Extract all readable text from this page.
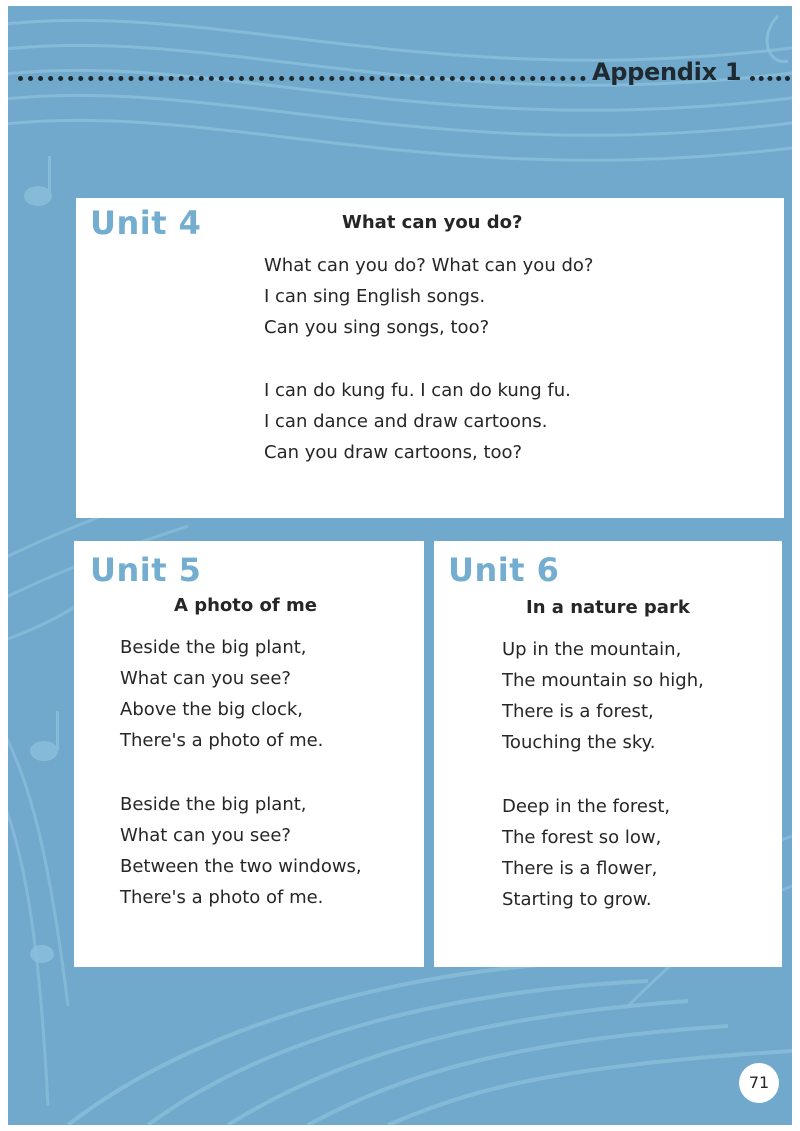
Appendix 1
Unit 4	What can you do?
What can you do? What can you do?
I can sing English songs.
Can you sing songs, too?
I can do kung fu. I can do kung fu.
I can dance and draw cartoons.
Can you draw cartoons, too?
Unit 5
A photo of me
Beside the big plant,
What can you see?
Above the big clock,
There's a photo of me.
Beside the big plant,
What can you see?
Between the two windows,
There's a photo of me.
Unit 6
In a nature park
Up in the mountain,
The mountain so high,
There is a forest,
Touching the sky.
Deep in the forest,
The forest so low,
There is a flower,
Starting to grow.
71
